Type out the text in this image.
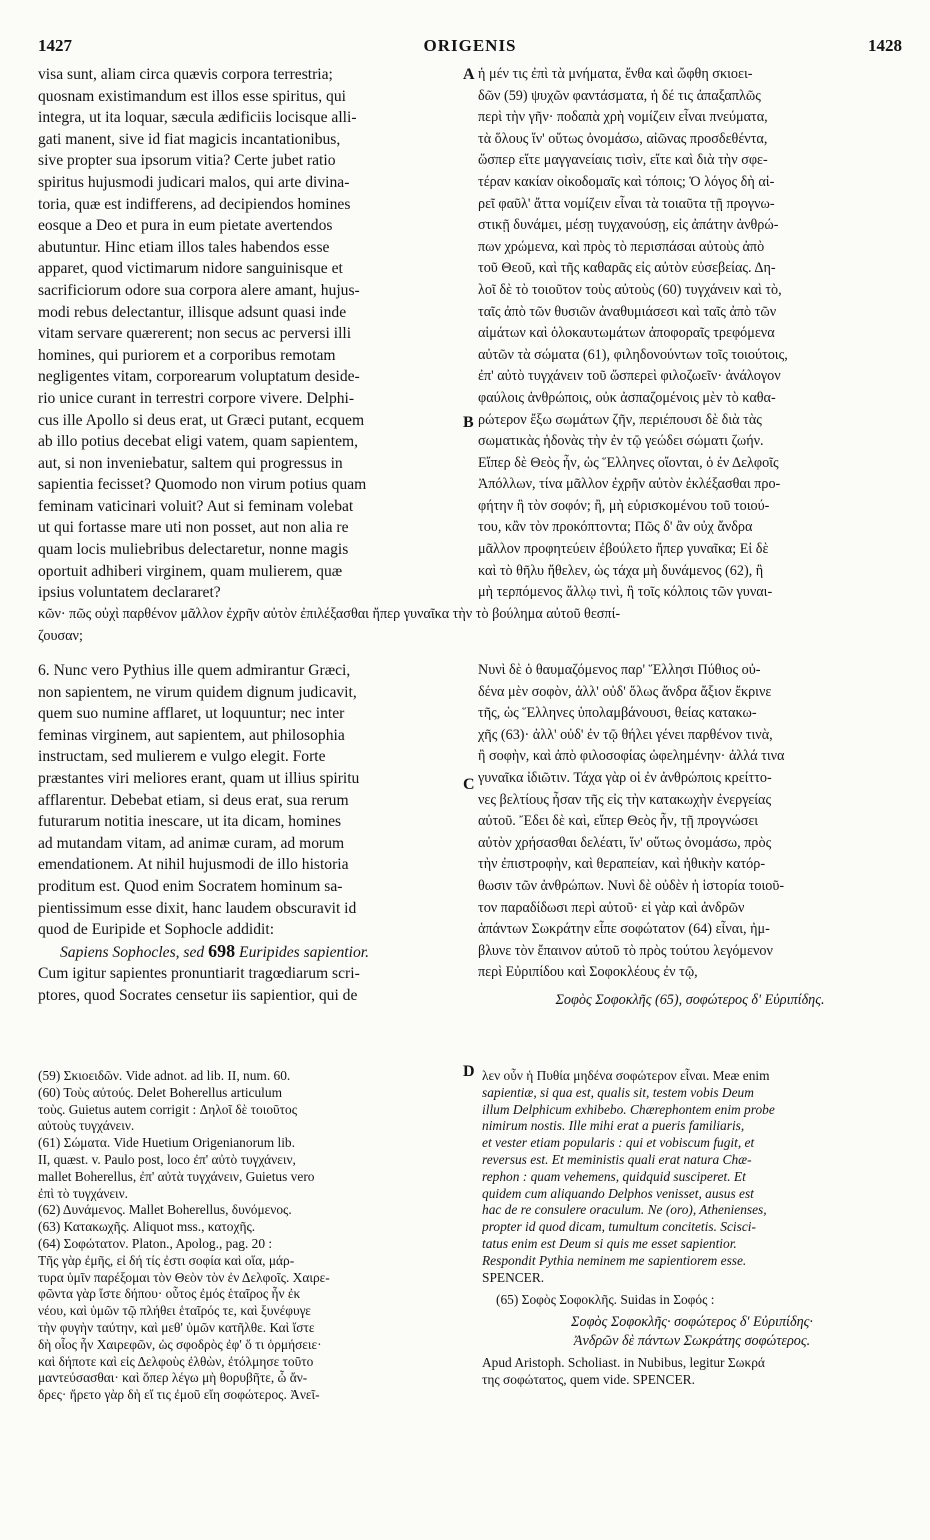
1427	ORIGENIS	1428
A
B
C
D
visa sunt, aliam circa quævis corpora terrestria;
quosnam existimandum est illos esse spiritus, qui
integra, ut ita loquar, sæcula ædificiis locisque alli-
gati manent, sive id fiat magicis incantationibus,
sive propter sua ipsorum vitia? Certe jubet ratio
spiritus hujusmodi judicari malos, qui arte divina-
toria, quæ est indifferens, ad decipiendos homines
eosque a Deo et pura in eum pietate avertendos
abutuntur. Hinc etiam illos tales habendos esse
apparet, quod victimarum nidore sanguinisque et
sacrificiorum odore sua corpora alere amant, hujus-
modi rebus delectantur, illisque adsunt quasi inde
vitam servare quærerent; non secus ac perversi illi
homines, qui puriorem et a corporibus remotam
negligentes vitam, corporearum voluptatum deside-
rio unice curant in terrestri corpore vivere. Delphi-
cus ille Apollo si deus erat, ut Græci putant, ecquem
ab illo potius decebat eligi vatem, quam sapientem,
aut, si non inveniebatur, saltem qui progressus in
sapientia fecisset? Quomodo non virum potius quam
feminam vaticinari voluit? Aut si feminam volebat
ut qui fortasse mare uti non posset, aut non alia re
quam locis muliebribus delectaretur, nonne magis
oportuit adhiberi virginem, quam mulierem, quæ
ipsius voluntatem declararet?
ἡ μέν τις ἐπὶ τὰ μνήματα, ἔνθα καὶ ὤφθη σκιοει-
δῶν (59) ψυχῶν φαντάσματα, ἡ δέ τις ἀπαξαπλῶς
περὶ τὴν γῆν· ποδαπὰ χρὴ νομίζειν εἶναι πνεύματα,
τὰ ὅλους ἵν' οὕτως ὀνομάσω, αἰῶνας προσδεθέντα,
ὥσπερ εἴτε μαγγανείαις τισὶν, εἴτε καὶ διὰ τὴν σφε-
τέραν κακίαν οἰκοδομαῖς καὶ τόποις; Ὁ λόγος δὴ αἱ-
ρεῖ φαῦλ' ἄττα νομίζειν εἶναι τὰ τοιαῦτα τῇ προγνω-
στικῇ δυνάμει, μέσῃ τυγχανούσῃ, εἰς ἀπάτην ἀνθρώ-
πων χρώμενα, καὶ πρὸς τὸ περισπάσαι αὐτοὺς ἀπὸ
τοῦ Θεοῦ, καὶ τῆς καθαρᾶς εἰς αὐτὸν εὐσεβείας. Δη-
λοῖ δὲ τὸ τοιοῦτον τοὺς αὐτοὺς (60) τυγχάνειν καὶ τὸ,
ταῖς ἀπὸ τῶν θυσιῶν ἀναθυμιάσεσι καὶ ταῖς ἀπὸ τῶν
αἱμάτων καὶ ὁλοκαυτωμάτων ἀποφοραῖς τρεφόμενα
αὐτῶν τὰ σώματα (61), φιληδονούντων τοῖς τοιούτοις,
ἐπ' αὐτὸ τυγχάνειν τοῦ ὥσπερεὶ φιλοζωεῖν· ἀνάλογον
φαύλοις ἀνθρώποις, οὐκ ἀσπαζομένοις μὲν τὸ καθα-
ρώτερον ἔξω σωμάτων ζῆν, περιέπουσι δὲ διὰ τὰς
σωματικὰς ἡδονὰς τὴν ἐν τῷ γεώδει σώματι ζωήν.
Εἴπερ δὲ Θεὸς ἦν, ὡς Ἕλληνες οἴονται, ὁ ἐν Δελφοῖς
Ἀπόλλων, τίνα μᾶλλον ἐχρῆν αὐτὸν ἐκλέξασθαι προ-
φήτην ἢ τὸν σοφόν; ἢ, μὴ εὑρισκομένου τοῦ τοιού-
του, κἂν τὸν προκόπτοντα; Πῶς δ' ἂν οὐχ ἄνδρα
μᾶλλον προφητεύειν ἐβούλετο ἤπερ γυναῖκα; Εἰ δὲ
καὶ τὸ θῆλυ ἤθελεν, ὡς τάχα μὴ δυνάμενος (62), ἢ
μὴ τερπόμενος ἄλλῳ τινὶ, ἢ τοῖς κόλποις τῶν γυναι-
κῶν· πῶς οὐχὶ παρθένον μᾶλλον ἐχρῆν αὐτὸν ἐπιλέξασθαι ἤπερ γυναῖκα τὴν τὸ βούλημα αὐτοῦ θεσπί-
ζουσαν;
6. Nunc vero Pythius ille quem admirantur Græci,
non sapientem, ne virum quidem dignum judicavit,
quem suo numine afflaret, ut loquuntur; nec inter
feminas virginem, aut sapientem, aut philosophia
instructam, sed mulierem e vulgo elegit. Forte
præstantes viri meliores erant, quam ut illius spiritu
afflarentur. Debebat etiam, si deus erat, sua rerum
futurarum notitia inescare, ut ita dicam, homines
ad mutandam vitam, ad animæ curam, ad morum
emendationem. At nihil hujusmodi de illo historia
proditum est. Quod enim Socratem hominum sa-
pientissimum esse dixit, hanc laudem obscuravit id
quod de Euripide et Sophocle addidit:
Sapiens Sophocles, sed 698 Euripides sapientior.
Cum igitur sapientes pronuntiarit tragœdiarum scri-
ptores, quod Socrates censetur iis sapientior, qui de
Νυνὶ δὲ ὁ θαυμαζόμενος παρ' Ἕλλησι Πύθιος οὐ-
δένα μὲν σοφὸν, ἀλλ' οὐδ' ὅλως ἄνδρα ἄξιον ἔκρινε
τῆς, ὡς Ἕλληνες ὑπολαμβάνουσι, θείας κατακω-
χῆς (63)· ἀλλ' οὐδ' ἐν τῷ θήλει γένει παρθένον τινὰ,
ἢ σοφὴν, καὶ ἀπὸ φιλοσοφίας ὠφελημένην· ἀλλά τινα
γυναῖκα ἰδιῶτιν. Τάχα γὰρ οἱ ἐν ἀνθρώποις κρείττο-
νες βελτίους ἦσαν τῆς εἰς τὴν κατακωχὴν ἐνεργείας
αὐτοῦ. Ἔδει δὲ καὶ, εἴπερ Θεὸς ἦν, τῇ προγνώσει
αὐτὸν χρήσασθαι δελέατι, ἵν' οὕτως ὀνομάσω, πρὸς
τὴν ἐπιστροφὴν, καὶ θεραπείαν, καὶ ἠθικὴν κατόρ-
θωσιν τῶν ἀνθρώπων. Νυνὶ δὲ οὐδὲν ἡ ἱστορία τοιοῦ-
τον παραδίδωσι περὶ αὐτοῦ· εἰ γὰρ καὶ ἀνδρῶν
ἁπάντων Σωκράτην εἶπε σοφώτατον (64) εἶναι, ἠμ-
βλυνε τὸν ἔπαινον αὐτοῦ τὸ πρὸς τούτου λεγόμενον
περὶ Εὐριπίδου καὶ Σοφοκλέους ἐν τῷ,
Σοφὸς Σοφοκλῆς (65), σοφώτερος δ' Εὐριπίδης.
(59) Σκιοειδῶν. Vide adnot. ad lib. II, num. 60.
(60) Τοὺς αὐτούς. Delet Boherellus articulum
τοὺς. Guietus autem corrigit : Δηλοῖ δὲ τοιοῦτος
αὐτοὺς τυγχάνειν.
(61) Σώματα. Vide Huetium Origenianorum lib.
II, quæst. v. Paulo post, loco ἐπ' αὐτὸ τυγχάνειν,
mallet Boherellus, ἐπ' αὐτὰ τυγχάνειν, Guietus vero
ἐπὶ τὸ τυγχάνειν.
(62) Δυνάμενος. Mallet Boherellus, δυνόμενος.
(63) Κατακωχῆς. Aliquot mss., κατοχῆς.
(64) Σοφώτατον. Platon., Apolog., pag. 20 :
Τῆς γὰρ ἐμῆς, εἰ δή τίς ἐστι σοφία καὶ οἵα, μάρ-
τυρα ὑμῖν παρέξομαι τὸν Θεὸν τὸν ἐν Δελφοῖς. Χαιρε-
φῶντα γὰρ ἴστε δήπου· οὗτος ἐμός ἑταῖρος ἦν ἐκ
νέου, καὶ ὑμῶν τῷ πλήθει ἑταῖρός τε, καὶ ξυνέφυγε
τὴν φυγὴν ταύτην, καὶ μεθ' ὑμῶν κατῆλθε. Καὶ ἴστε
δὴ οἷος ἦν Χαιρεφῶν, ὡς σφοδρὸς ἐφ' ὅ τι ὁρμήσειε·
καὶ δήποτε καὶ εἰς Δελφοὺς ἐλθὼν, ἐτόλμησε τοῦτο
μαντεύσασθαι· καὶ ὅπερ λέγω μὴ θορυβῆτε, ὦ ἄν-
δρες· ἤρετο γὰρ δὴ εἴ τις ἐμοῦ εἴη σοφώτερος. Ἀνεῖ-
λεν οὖν ἡ Πυθία μηδένα σοφώτερον εἶναι. Meæ enim
sapientiæ, si qua est, qualis sit, testem vobis Deum
illum Delphicum exhibebo. Chærephontem enim probe
nimirum nostis. Ille mihi erat a pueris familiaris,
et vester etiam popularis : qui et vobiscum fugit, et
reversus est. Et meministis quali erat natura Chæ-
rephon : quam vehemens, quidquid susciperet. Et
quidem cum aliquando Delphos venisset, ausus est
hac de re consulere oraculum. Ne (oro), Athenienses,
propter id quod dicam, tumultum concitetis. Scisci-
tatus enim est Deum si quis me esset sapientior.
Respondit Pythia neminem me sapientiorem esse.
SPENCER.
(65) Σοφὸς Σοφοκλῆς. Suidas in Σοφός :
Σοφὸς Σοφοκλῆς· σοφώτερος δ' Εὐριπίδης·
Ἀνδρῶν δὲ πάντων Σωκράτης σοφώτερος.
Apud Aristoph. Scholiast. in Nubibus, legitur Σωκρά
της σοφώτατος, quem vide. SPENCER.
